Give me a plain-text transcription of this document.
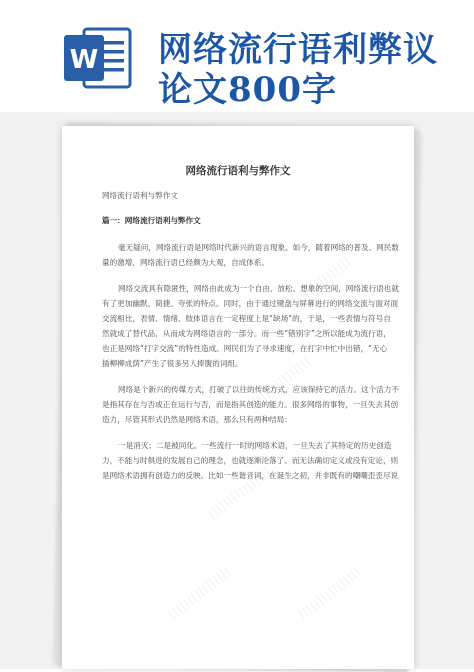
W 网络流行语利弊议
论文800字
网络流行语利与弊作文
网络流行语利与弊作文
篇一：网络流行语利与弊作文
毫无疑问，网络流行语是网络时代新兴的语言现象。如今，随着网络的普及、网民数
量的激增，网络流行语已经颇为大观，自成体系。
网络交流具有隐匿性，网络由此成为一个自由、放松、想象的空间，网络流行语也就
有了更加幽默、简捷、夸张的特点。同时，由于通过键盘与屏幕进行的网络交流与面对面
交流相比，表情、情绪、肢体语言在一定程度上是“缺场”的，于是，一些表情与符号自
然就成了替代品，从而成为网络语言的一部分。而一些“错别字”之所以能成为流行语，
也正是网络“打字交流”的特性造成。网民们为了寻求速度，在打字中忙中出错，“无心
插柳柳成荫”产生了很多另人捧腹的词组。
网络是个新兴的传媒方式，打破了以往的传统方式，应该保持它的活力。这个活力不
是指其存在与否或正在运行与否，而是指其创造的能力。很多网络的事物，一旦失去其创
造力，尽管其形式仍然是网络术语，那么只有两种结局：
一是消灭；二是被同化。一些流行一时的网络术语，一旦失去了其特定的历史创造
力，不能与时俱进的发展自己的理念，也就逐渐沦落了。而无法确切定义或没有定论，则
是网络术语拥有创造力的反映。比如一些谐音词，在诞生之初，并非既有的嘲嘲歪歪尽说
||||||||||||||||
||||||||||||||||
||||||||||||||||
||||||||||||||||	||||||||||||||||
